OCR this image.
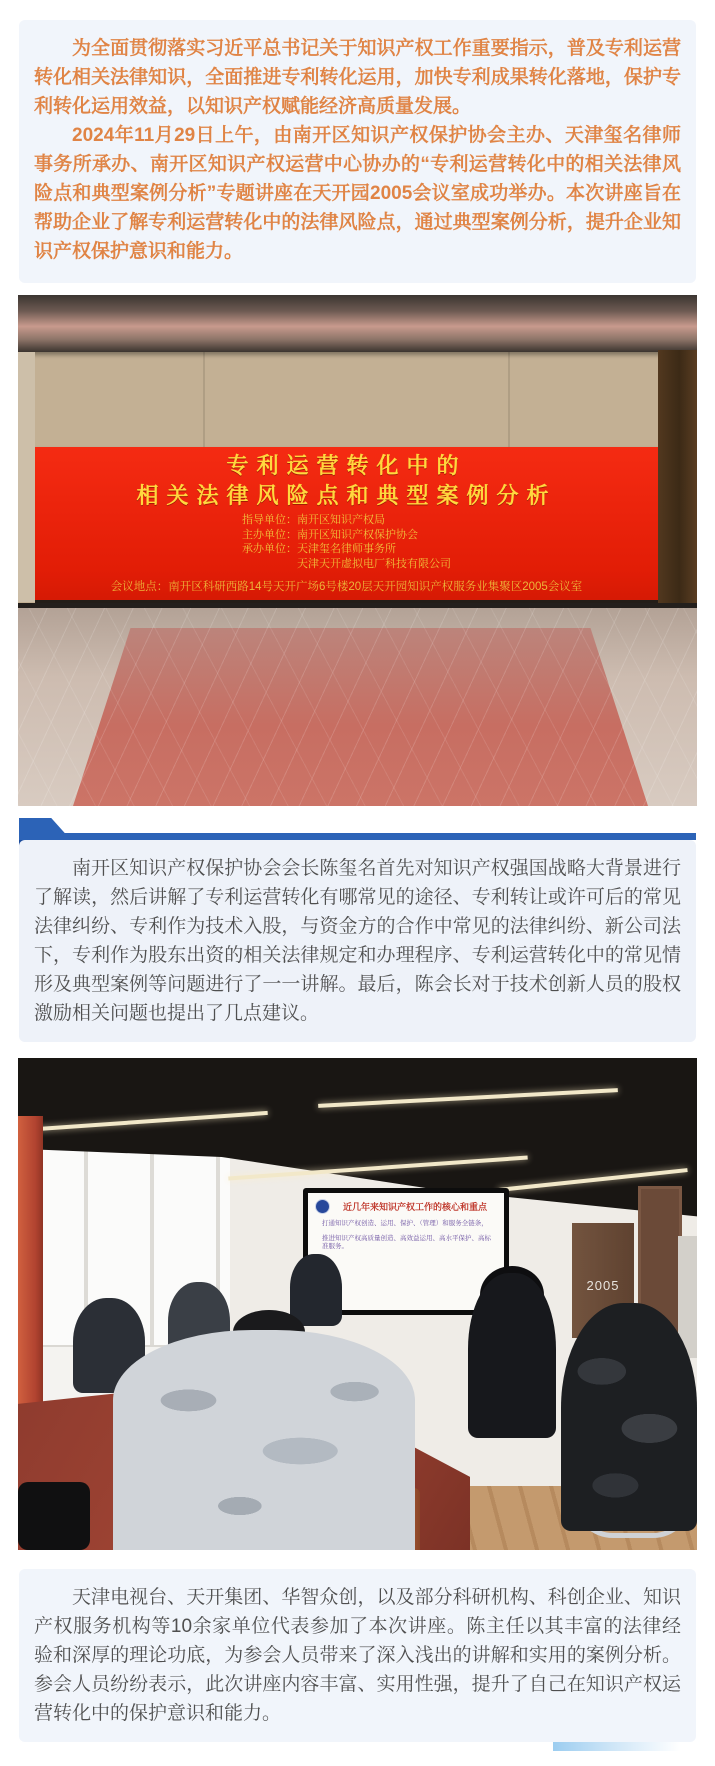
为全面贯彻落实习近平总书记关于知识产权工作重要指示，普及专利运营转化相关法律知识，全面推进专利转化运用，加快专利成果转化落地，保护专利转化运用效益，以知识产权赋能经济高质量发展。

2024年11月29日上午，由南开区知识产权保护协会主办、天津玺名律师事务所承办、南开区知识产权运营中心协办的“专利运营转化中的相关法律风险点和典型案例分析”专题讲座在天开园2005会议室成功举办。本次讲座旨在帮助企业了解专利运营转化中的法律风险点，通过典型案例分析，提升企业知识产权保护意识和能力。

专利运营转化中的
相关法律风险点和典型案例分析
指导单位：南开区知识产权局
主办单位：南开区知识产权保护协会
承办单位：天津玺名律师事务所
天津天开虚拟电厂科技有限公司
会议地点：南开区科研西路14号天开广场6号楼20层天开园知识产权服务业集聚区2005会议室

南开区知识产权保护协会会长陈玺名首先对知识产权强国战略大背景进行了解读，然后讲解了专利运营转化有哪常见的途径、专利转让或许可后的常见法律纠纷、专利作为技术入股，与资金方的合作中常见的法律纠纷、新公司法下，专利作为股东出资的相关法律规定和办理程序、专利运营转化中的常见情形及典型案例等问题进行了一一讲解。最后，陈会长对于技术创新人员的股权激励相关问题也提出了几点建议。

近几年来知识产权工作的核心和重点
打通知识产权创造、运用、保护、（管理）和服务全链条，
推进知识产权高质量创造、高效益运用、高水平保护、高标准服务。
2005

天津电视台、天开集团、华智众创，以及部分科研机构、科创企业、知识产权服务机构等10余家单位代表参加了本次讲座。陈主任以其丰富的法律经验和深厚的理论功底，为参会人员带来了深入浅出的讲解和实用的案例分析。参会人员纷纷表示，此次讲座内容丰富、实用性强，提升了自己在知识产权运营转化中的保护意识和能力。
